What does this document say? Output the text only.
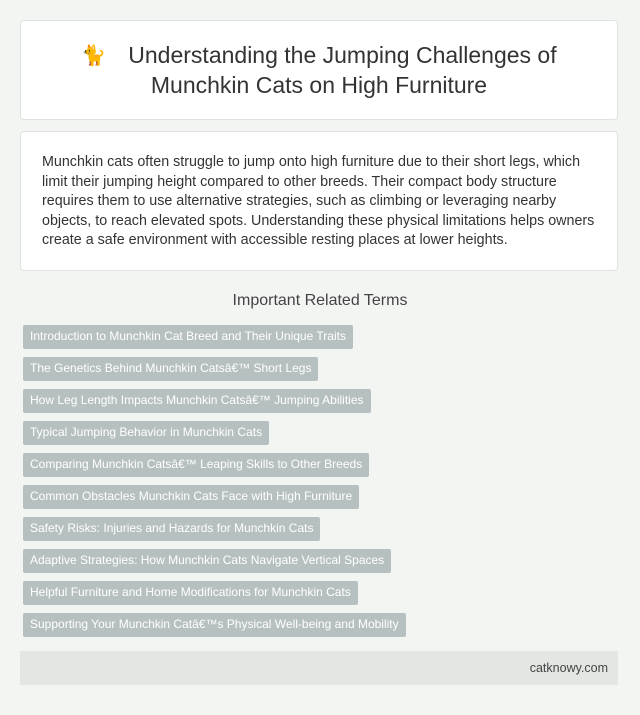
🐈 Understanding the Jumping Challenges of Munchkin Cats on High Furniture

Munchkin cats often struggle to jump onto high furniture due to their short legs, which limit their jumping height compared to other breeds. Their compact body structure requires them to use alternative strategies, such as climbing or leveraging nearby objects, to reach elevated spots. Understanding these physical limitations helps owners create a safe environment with accessible resting places at lower heights.

Important Related Terms
Introduction to Munchkin Cat Breed and Their Unique Traits
The Genetics Behind Munchkin Catsâ€™ Short Legs
How Leg Length Impacts Munchkin Catsâ€™ Jumping Abilities
Typical Jumping Behavior in Munchkin Cats
Comparing Munchkin Catsâ€™ Leaping Skills to Other Breeds
Common Obstacles Munchkin Cats Face with High Furniture
Safety Risks: Injuries and Hazards for Munchkin Cats
Adaptive Strategies: How Munchkin Cats Navigate Vertical Spaces
Helpful Furniture and Home Modifications for Munchkin Cats
Supporting Your Munchkin Catâ€™s Physical Well-being and Mobility
catknowy.com
